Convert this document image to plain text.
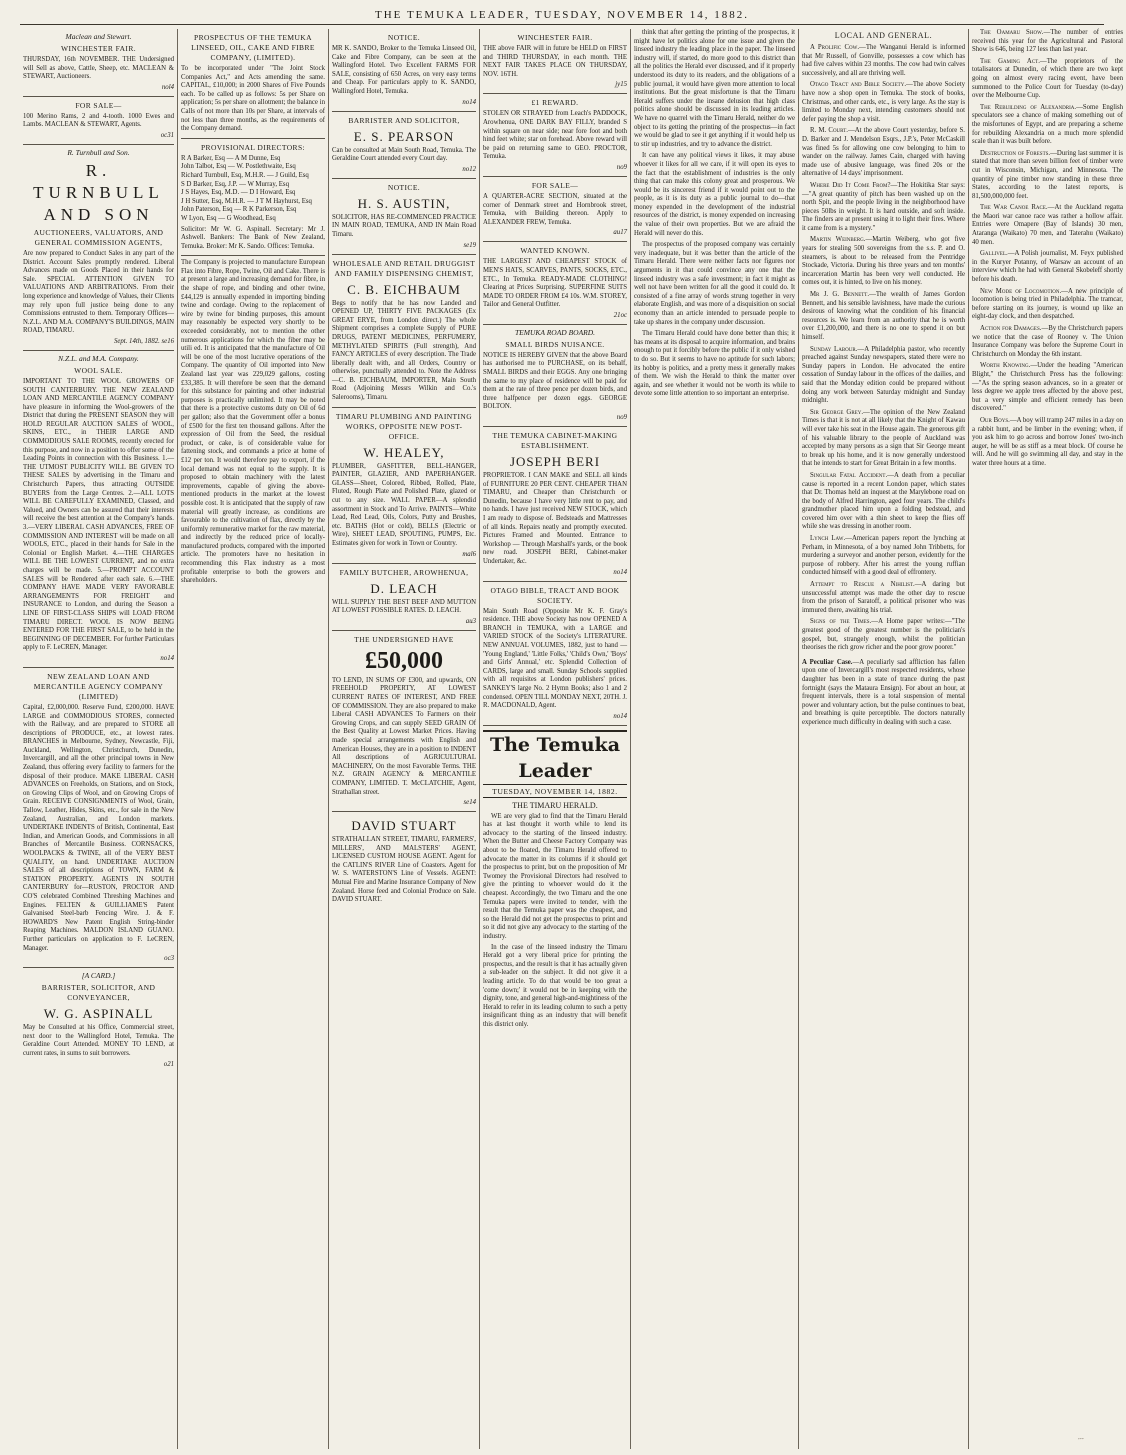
THE TEMUKA LEADER, TUESDAY, NOVEMBER 14, 1882.
Maclean and Stewart.
WINCHESTER FAIR.

THURSDAY, 16th NOVEMBER. THE Undersigned will Sell as above, Cattle, Sheep, etc. MACLEAN & STEWART, Auctioneers.

nol4

FOR SALE—

100 Merino Rams, 2 and 4-tooth. 1000 Ewes and Lambs. MACLEAN & STEWART, Agents.

oc31

R. Turnbull and Son.
R. TURNBULL AND SON
AUCTIONEERS, VALUATORS, AND GENERAL COMMISSION AGENTS,

Are now prepared to Conduct Sales in any part of the District. Account Sales promptly rendered. Liberal Advances made on Goods Placed in their hands for Sale. SPECIAL ATTENTION GIVEN TO VALUATIONS AND ARBITRATIONS. From their long experience and knowledge of Values, their Clients may rely upon full justice being done to any Commissions entrusted to them. Temporary Offices—N.Z.L. AND M.A. COMPANY'S BUILDINGS, MAIN ROAD, TIMARU.

Sept. 14th, 1882. se16

N.Z.L. and M.A. Company.
WOOL SALE.

IMPORTANT TO THE WOOL GROWERS OF SOUTH CANTERBURY. THE NEW ZEALAND LOAN AND MERCANTILE AGENCY COMPANY have pleasure in informing the Wool-growers of the District that during the PRESENT SEASON they will HOLD REGULAR AUCTION SALES of WOOL, SKINS, ETC., in THEIR LARGE AND COMMODIOUS SALE ROOMS, recently erected for this purpose, and now in a position to offer some of the Leading Points in connection with this Business. 1.—THE UTMOST PUBLICITY WILL BE GIVEN TO THESE SALES by advertising in the Timaru and Christchurch Papers, thus attracting OUTSIDE BUYERS from the Large Centres. 2.—ALL LOTS WILL BE CAREFULLY EXAMINED, Classed, and Valued, and Owners can be assured that their interests will receive the best attention at the Company's hands. 3.—VERY LIBERAL CASH ADVANCES, FREE OF COMMISSION AND INTEREST will be made on all WOOLS, ETC., placed in their hands for Sale in the Colonial or English Market. 4.—THE CHARGES WILL BE THE LOWEST CURRENT, and no extra charges will be made. 5.—PROMPT ACCOUNT SALES will be Rendered after each sale. 6.—THE COMPANY HAVE MADE VERY FAVORABLE ARRANGEMENTS FOR FREIGHT and INSURANCE to London, and during the Season a LINE OF FIRST-CLASS SHIPS will LOAD FROM TIMARU DIRECT. WOOL IS NOW BEING ENTERED FOR THE FIRST SALE, to be held in the BEGINNING OF DECEMBER. For further Particulars apply to F. LeCREN, Manager.

no14

NEW ZEALAND LOAN AND MERCANTILE AGENCY COMPANY (LIMITED)

Capital, £2,000,000. Reserve Fund, £200,000. HAVE LARGE and COMMODIOUS STORES, connected with the Railway, and are prepared to STORE all descriptions of PRODUCE, etc., at lowest rates. BRANCHES in Melbourne, Sydney, Newcastle, Fiji, Auckland, Wellington, Christchurch, Dunedin, Invercargill, and all the other principal towns in New Zealand, thus offering every facility to farmers for the disposal of their produce. MAKE LIBERAL CASH ADVANCES on Freeholds, on Stations, and on Stock, on Growing Clips of Wool, and on Growing Crops of Grain. RECEIVE CONSIGNMENTS of Wool, Grain, Tallow, Leather, Hides, Skins, etc., for sale in the New Zealand, Australian, and London markets. UNDERTAKE INDENTS of British, Continental, East Indian, and American Goods, and Commissions in all Branches of Mercantile Business. CORNSACKS, WOOLPACKS & TWINE, all of the VERY BEST QUALITY, on hand. UNDERTAKE AUCTION SALES of all descriptions of TOWN, FARM & STATION PROPERTY. AGENTS IN SOUTH CANTERBURY for—RUSTON, PROCTOR AND CO'S celebrated Combined Threshing Machines and Engines. FELTEN & GUILLIAME'S Patent Galvanised Steel-barb Fencing Wire. J. & F. HOWARD'S New Patent English String-binder Reaping Machines. MALDON ISLAND GUANO. Further particulars on application to F. LeCREN, Manager.

oc3

[A CARD.]
BARRISTER, SOLICITOR, AND CONVEYANCER,
W. G. ASPINALL

May be Consulted at his Office, Commercial street, next door to the Wallingford Hotel, Temuka. The Geraldine Court Attended. MONEY TO LEND, at current rates, in sums to suit borrowers.

o21

PROSPECTUS OF THE TEMUKA LINSEED, OIL, CAKE AND FIBRE COMPANY, (LIMITED).

To be incorporated under "The Joint Stock Companies Act," and Acts amending the same. CAPITAL, £10,000; in 2000 Shares of Five Pounds each. To be called up as follows: 5s per Share on application; 5s per share on allotment; the balance in Calls of not more than 10s per Share, at intervals of not less than three months, as the requirements of the Company demand.

PROVISIONAL DIRECTORS:
R A Barker, Esq — A M Dunne, Esq
John Talbot, Esq — W. Postlethwaite, Esq
Richard Turnbull, Esq, M.H.R. — J Guild, Esq
S D Barker, Esq, J.P. — W Murray, Esq
J S Hayes, Esq, M.D. — D I Howard, Esq
J H Sutter, Esq, M.H.R. — J T M Hayhurst, Esq
John Paterson, Esq — R K Parkerson, Esq
W Lyon, Esq — G Woodhead, Esq

Solicitor: Mr W. G. Aspinall. Secretary: Mr J. Ashwell. Bankers: The Bank of New Zealand, Temuka. Broker: Mr K. Sando. Offices: Temuka.

The Company is projected to manufacture European Flax into Fibre, Rope, Twine, Oil and Cake. There is at present a large and increasing demand for fibre, in the shape of rope, and binding and other twine, £44,129 is annually expended in importing binding twine and cordage. Owing to the replacement of wire by twine for binding purposes, this amount may reasonably be expected very shortly to be exceeded considerably, not to mention the other numerous applications for which the fiber may be utili ed. It is anticipated that the manufacture of Oil will be one of the most lucrative operations of the Company. The quantity of Oil imported into New Zealand last year was 229,029 gallons, costing £33,385. It will therefore be seen that the demand for this substance for painting and other industrial purposes is practically unlimited. It may be noted that there is a protective customs duty on Oil of 6d per gallon; also that the Government offer a bonus of £500 for the first ten thousand gallons. After the expression of Oil from the Seed, the residual product, or cake, is of considerable value for fattening stock, and commands a price at home of £12 per ton. It would therefore pay to export, if the local demand was not equal to the supply. It is proposed to obtain machinery with the latest improvements, capable of giving the above-mentioned products in the market at the lowest possible cost. It is anticipated that the supply of raw material will greatly increase, as conditions are favourable to the cultivation of flax, directly by the uniformly remunerative market for the raw material, and indirectly by the reduced price of locally-manufactured products, compared with the imported article. The promoters have no hesitation in recommending this Flax industry as a most profitable enterprise to both the growers and shareholders.

NOTICE.

MR K. SANDO, Broker to the Temuka Linseed Oil, Cake and Fibre Company, can be seen at the Wallingford Hotel. Two Excellent FARMS FOR SALE, consisting of 650 Acres, on very easy terms and Cheap. For particulars apply to K. SANDO, Wallingford Hotel, Temuka.

no14

BARRISTER AND SOLICITOR,
E. S. PEARSON

Can be consulted at Main South Road, Temuka. The Geraldine Court attended every Court day.

no12

NOTICE.
H. S. AUSTIN,

SOLICITOR, HAS RE-COMMENCED PRACTICE IN MAIN ROAD, TEMUKA, AND IN Main Road Timaru.

se19

WHOLESALE AND RETAIL DRUGGIST AND FAMILY DISPENSING CHEMIST,
C. B. EICHBAUM

Begs to notify that he has now Landed and OPENED UP, THIRTY FIVE PACKAGES (Ex GREAT ERYE, from London direct.) The whole Shipment comprises a complete Supply of PURE DRUGS, PATENT MEDICINES, PERFUMERY, METHYLATED SPIRITS (Full strength), And FANCY ARTICLES of every description. The Trade liberally dealt with, and all Orders, Country or otherwise, punctually attended to. Note the Address—C. B. EICHBAUM, IMPORTER, Main South Road (Adjoining Messrs Wilkin and Co.'s Salerooms), Timaru.

TIMARU PLUMBING AND PAINTING WORKS, OPPOSITE NEW POST-OFFICE.
W. HEALEY,

PLUMBER, GASFITTER, BELL-HANGER, PAINTER, GLAZIER, AND PAPERHANGER. GLASS—Sheet, Colored, Ribbed, Rolled, Plate, Fluted, Rough Plate and Polished Plate, glazed or cut to any size. WALL PAPER—A splendid assortment in Stock and To Arrive. PAINTS—White Lead, Red Lead, Oils, Colors, Putty and Brushes, etc. BATHS (Hot or cold), BELLS (Electric or Wire), SHEET LEAD, SPOUTING, PUMPS, Etc. Estimates given for work in Town or Country.

mal6

FAMILY BUTCHER, AROWHENUA,
D. LEACH

WILL SUPPLY THE BEST BEEF AND MUTTON AT LOWEST POSSIBLE RATES. D. LEACH.

au3

THE UNDERSIGNED HAVE
£50,000

TO LEND, IN SUMS OF £300, and upwards, ON FREEHOLD PROPERTY, AT LOWEST CURRENT RATES OF INTEREST, AND FREE OF COMMISSION. They are also prepared to make Liberal CASH ADVANCES To Farmers on their Growing Crops, and can supply SEED GRAIN Of the Best Quality at Lowest Market Prices. Having made special arrangements with English and American Houses, they are in a position to INDENT All descriptions of AGRICULTURAL MACHINERY, On the most Favorable Terms. THE N.Z. GRAIN AGENCY & MERCANTILE COMPANY, LIMITED. T. McCLATCHIE, Agent, Strathallan street.

se14

DAVID STUART

STRATHALLAN STREET, TIMARU, FARMERS', MILLERS', AND MALSTERS' AGENT, LICENSED CUSTOM HOUSE AGENT. Agent for the CATLIN'S RIVER Line of Coasters. Agent for W. S. WATERSTON'S Line of Vessels. AGENT: Mutual Fire and Marine Insurance Company of New Zealand. Horse feed and Colonial Produce on Sale. DAVID STUART.

WINCHESTER FAIR.

THE above FAIR will in future be HELD on FIRST and THIRD THURSDAY, in each month. THE NEXT FAIR TAKES PLACE ON THURSDAY, NOV. 16TH.

jy15

£1 REWARD.

STOLEN OR STRAYED from Leach's PADDOCK, Arowhenua, ONE DARK BAY FILLY, branded S within square on near side; near fore foot and both hind feet white; star on forehead. Above reward will be paid on returning same to GEO. PROCTOR, Temuka.

no9

FOR SALE—

A QUARTER-ACRE SECTION, situated at the corner of Denmark street and Hornbrook street, Temuka, with Building thereon. Apply to ALEXANDER FREW, Temuka.

au17

WANTED KNOWN.

THE LARGEST AND CHEAPEST STOCK of MEN'S HATS, SCARVES, PANTS, SOCKS, ETC., ETC., In Temuka. READY-MADE CLOTHING! Clearing at Prices Surprising. SUPERFINE SUITS MADE TO ORDER FROM £4 10s. W.M. STOREY, Tailor and General Outfitter.

21oc

TEMUKA ROAD BOARD.
SMALL BIRDS NUISANCE.

NOTICE IS HEREBY GIVEN that the above Board has authorised me to PURCHASE, on its behalf, SMALL BIRDS and their EGGS. Any one bringing the same to my place of residence will be paid for them at the rate of three pence per dozen birds, and three halfpence per dozen eggs. GEORGE BOLTON.

no9

THE TEMUKA CABINET-MAKING ESTABLISHMENT.
JOSEPH BERI

PROPRIETOR. I CAN MAKE and SELL all kinds of FURNITURE 20 PER CENT. CHEAPER THAN TIMARU, and Cheaper than Christchurch or Dunedin, because I have very little rent to pay, and no hands. I have just received NEW STOCK, which I am ready to dispose of. Bedsteads and Mattresses of all kinds. Repairs neatly and promptly executed. Pictures Framed and Mounted. Entrance to Workshop — Through Marshall's yards, or the book new road. JOSEPH BERI, Cabinet-maker Undertaker, &c.

no14

OTAGO BIBLE, TRACT AND BOOK SOCIETY.

Main South Road (Opposite Mr K. F. Gray's residence. THE above Society has now OPENED A BRANCH in TEMUKA, with a LARGE and VARIED STOCK of the Society's LITERATURE. NEW ANNUAL VOLUMES, 1882, just to hand — 'Young England,' 'Little Folks,' 'Child's Own,' 'Boys' and Girls' Annual,' etc. Splendid Collection of CARDS, large and small. Sunday Schools supplied with all requisites at London publishers' prices. SANKEY'S large No. 2 Hymn Books; also 1 and 2 condensed. OPEN TILL MONDAY NEXT, 20TH. J. R. MACDONALD, Agent.

no14

The Temuka Leader
TUESDAY, NOVEMBER 14, 1882.
THE TIMARU HERALD.

WE are very glad to find that the Timaru Herald has at last thought it worth while to lend its advocacy to the starting of the linseed industry. When the Butter and Cheese Factory Company was about to be floated, the Timaru Herald offered to advocate the matter in its columns if it should get the prospectus to print, but on the proposition of Mr Twomey the Provisional Directors had resolved to give the printing to whoever would do it the cheapest. Accordingly, the two Timaru and the one Temuka papers were invited to tender, with the result that the Temuka paper was the cheapest, and so the Herald did not get the prospectus to print and so it did not give any advocacy to the starting of the industry.

In the case of the linseed industry the Timaru Herald got a very liberal price for printing the prospectus, and the result is that it has actually given a sub-leader on the subject. It did not give it a leading article. To do that would be too great a 'come down;' it would not be in keeping with the dignity, tone, and general high-and-mightiness of the Herald to refer in its leading column to such a petty insignificant thing as an industry that will benefit this district only.

think that after getting the printing of the prospectus, it might have let politics alone for one issue and given the linseed industry the leading place in the paper. The linseed industry will, if started, do more good to this district than all the politics the Herald ever discussed, and if it properly understood its duty to its readers, and the obligations of a public journal, it would have given more attention to local institutions. But the great misfortune is that the Timaru Herald suffers under the insane delusion that high class politics alone should be discussed in its leading articles. We have no quarrel with the Timaru Herald, neither do we object to its getting the printing of the prospectus—in fact we would be glad to see it get anything if it would help us to stir up industries, and try to advance the district.

It can have any political views it likes, it may abuse whoever it likes for all we care, if it will open its eyes to the fact that the establishment of industries is the only thing that can make this colony great and prosperous. We would be its sincerest friend if it would point out to the people, as it is its duty as a public journal to do—that money expended in the development of the industrial resources of the district, is money expended on increasing the value of their own properties. But we are afraid the Herald will never do this.

The prospectus of the proposed company was certainly very inadequate, but it was better than the article of the Timaru Herald. There were neither facts nor figures nor arguments in it that could convince any one that the linseed industry was a safe investment; in fact it might as well not have been written for all the good it could do. It consisted of a fine array of words strung together in very elaborate English, and was more of a disquisition on social economy than an article intended to persuade people to take up shares in the company under discussion.

The Timaru Herald could have done better than this; it has means at its disposal to acquire information, and brains enough to put it forcibly before the public if it only wished to do so. But it seems to have no aptitude for such labors; its hobby is politics, and a pretty mess it generally makes of them. We wish the Herald to think the matter over again, and see whether it would not be worth its while to devote some little attention to so important an enterprise.

LOCAL AND GENERAL.

A Prolific Cow.—The Wanganui Herald is informed that Mr Russell, of Gonville, possesses a cow which has had five calves within 23 months. The cow had twin calves successively, and all are thriving well.

Otago Tract and Bible Society.—The above Society have now a shop open in Temuka. The stock of books, Christmas, and other cards, etc., is very large. As the stay is limited to Monday next, intending customers should not defer paying the shop a visit.

R. M. Court.—At the above Court yesterday, before S. D. Barker and J. Mendelson Esqrs., J.P.'s, Peter McCaskill was fined 5s for allowing one cow belonging to him to wander on the railway. James Cain, charged with having made use of abusive language, was fined 20s or the alternative of 14 days' imprisonment.

Where Did It Come From?—The Hokitika Star says:—"A great quantity of pitch has been washed up on the north Spit, and the people living in the neighborhood have pieces 50lbs in weight. It is hard outside, and soft inside. The finders are at present using it to light their fires. Where it came from is a mystery."

Martin Weinberg.—Martin Weiberg, who got five years for stealing 500 sovereigns from the s.s. P. and O. steamers, is about to be released from the Pentridge Stockade, Victoria. During his three years and ten months' incarceration Martin has been very well conducted. He comes out, it is hinted, to live on his money.

Mr J. G. Bennett.—The wealth of James Gordon Bennett, and his sensible lavishness, have made the curious desirous of knowing what the condition of his financial resources is. We learn from an authority that he is worth over £1,200,000, and there is no one to spend it on but himself.

Sunday Labour.—A Philadelphia pastor, who recently preached against Sunday newspapers, stated there were no Sunday papers in London. He advocated the entire cessation of Sunday labour in the offices of the dailies, and said that the Monday edition could be prepared without doing any work between Saturday midnight and Sunday midnight.

Sir George Grey.—The opinion of the New Zealand Times is that it is not at all likely that the Knight of Kawau will ever take his seat in the House again. The generous gift of his valuable library to the people of Auckland was accepted by many persons as a sign that Sir George meant to break up his home, and it is now generally understood that he intends to start for Great Britain in a few months.

Singular Fatal Accident.—A death from a peculiar cause is reported in a recent London paper, which states that Dr. Thomas held an inquest at the Marylebone road on the body of Alfred Harrington, aged four years. The child's grandmother placed him upon a folding bedstead, and covered him over with a thin sheet to keep the flies off while she was dressing in another room.

Lynch Law.—American papers report the lynching at Perham, in Minnesota, of a boy named John Tribbetts, for murdering a surveyor and another person, evidently for the purpose of robbery. After his arrest the young ruffian conducted himself with a good deal of effrontery.

Attempt to Rescue a Nihilist.—A daring but unsuccessful attempt was made the other day to rescue from the prison of Saratoff, a political prisoner who was immured there, awaiting his trial.

Signs of the Times.—A Home paper writes:—"The greatest good of the greatest number is the politician's gospel, but, strangely enough, whilst the politician theorises the rich grow richer and the poor grow poorer."

A Peculiar Case.—A peculiarly sad affliction has fallen upon one of Invercargill's most respected residents, whose daughter has been in a state of trance during the past fortnight (says the Mataura Ensign). For about an hour, at frequent intervals, there is a total suspension of mental power and voluntary action, but the pulse continues to beat, and breathing is quite perceptible. The doctors naturally experience much difficulty in dealing with such a case.

The Oamaru Show.—The number of entries received this year for the Agricultural and Pastoral Show is 646, being 127 less than last year.

The Gaming Act.—The proprietors of the totalisators at Dunedin, of which there are two kept going on almost every racing event, have been summoned to the Police Court for Tuesday (to-day) over the Melbourne Cup.

The Rebuilding of Alexandria.—Some English speculators see a chance of making something out of the misfortunes of Egypt, and are preparing a scheme for rebuilding Alexandria on a much more splendid scale than it was built before.

Destruction of Forests.—During last summer it is stated that more than seven billion feet of timber were cut in Wisconsin, Michigan, and Minnesota. The quantity of pine timber now standing in these three States, according to the latest reports, is 81,500,000,000 feet.

The War Canoe Race.—At the Auckland regatta the Maori war canoe race was rather a hollow affair. Entries were Omapere (Bay of Islands) 30 men, Ataranga (Waikato) 70 men, and Taterahu (Waikato) 40 men.

Gallivel.—A Polish journalist, M. Feyx published in the Kuryer Potanny, of Warsaw an account of an interview which he had with General Skobeleff shortly before his death.

New Mode of Locomotion.—A new principle of locomotion is being tried in Philadelphia. The tramcar, before starting on its journey, is wound up like an eight-day clock, and then despatched.

Action for Damages.—By the Christchurch papers we notice that the case of Rooney v. The Union Insurance Company was before the Supreme Court in Christchurch on Monday the 6th instant.

Worth Knowing.—Under the heading "American Blight," the Christchurch Press has the following:—"As the spring season advances, so in a greater or less degree we apple trees affected by the above pest, but a very simple and efficient remedy has been discovered."

Our Boys.—A boy will tramp 247 miles in a day on a rabbit hunt, and be limber in the evening; when, if you ask him to go across and borrow Jones' two-inch auger, he will be as stiff as a meat block. Of course he will. And he will go swimming all day, and stay in the water three hours at a time.

...
